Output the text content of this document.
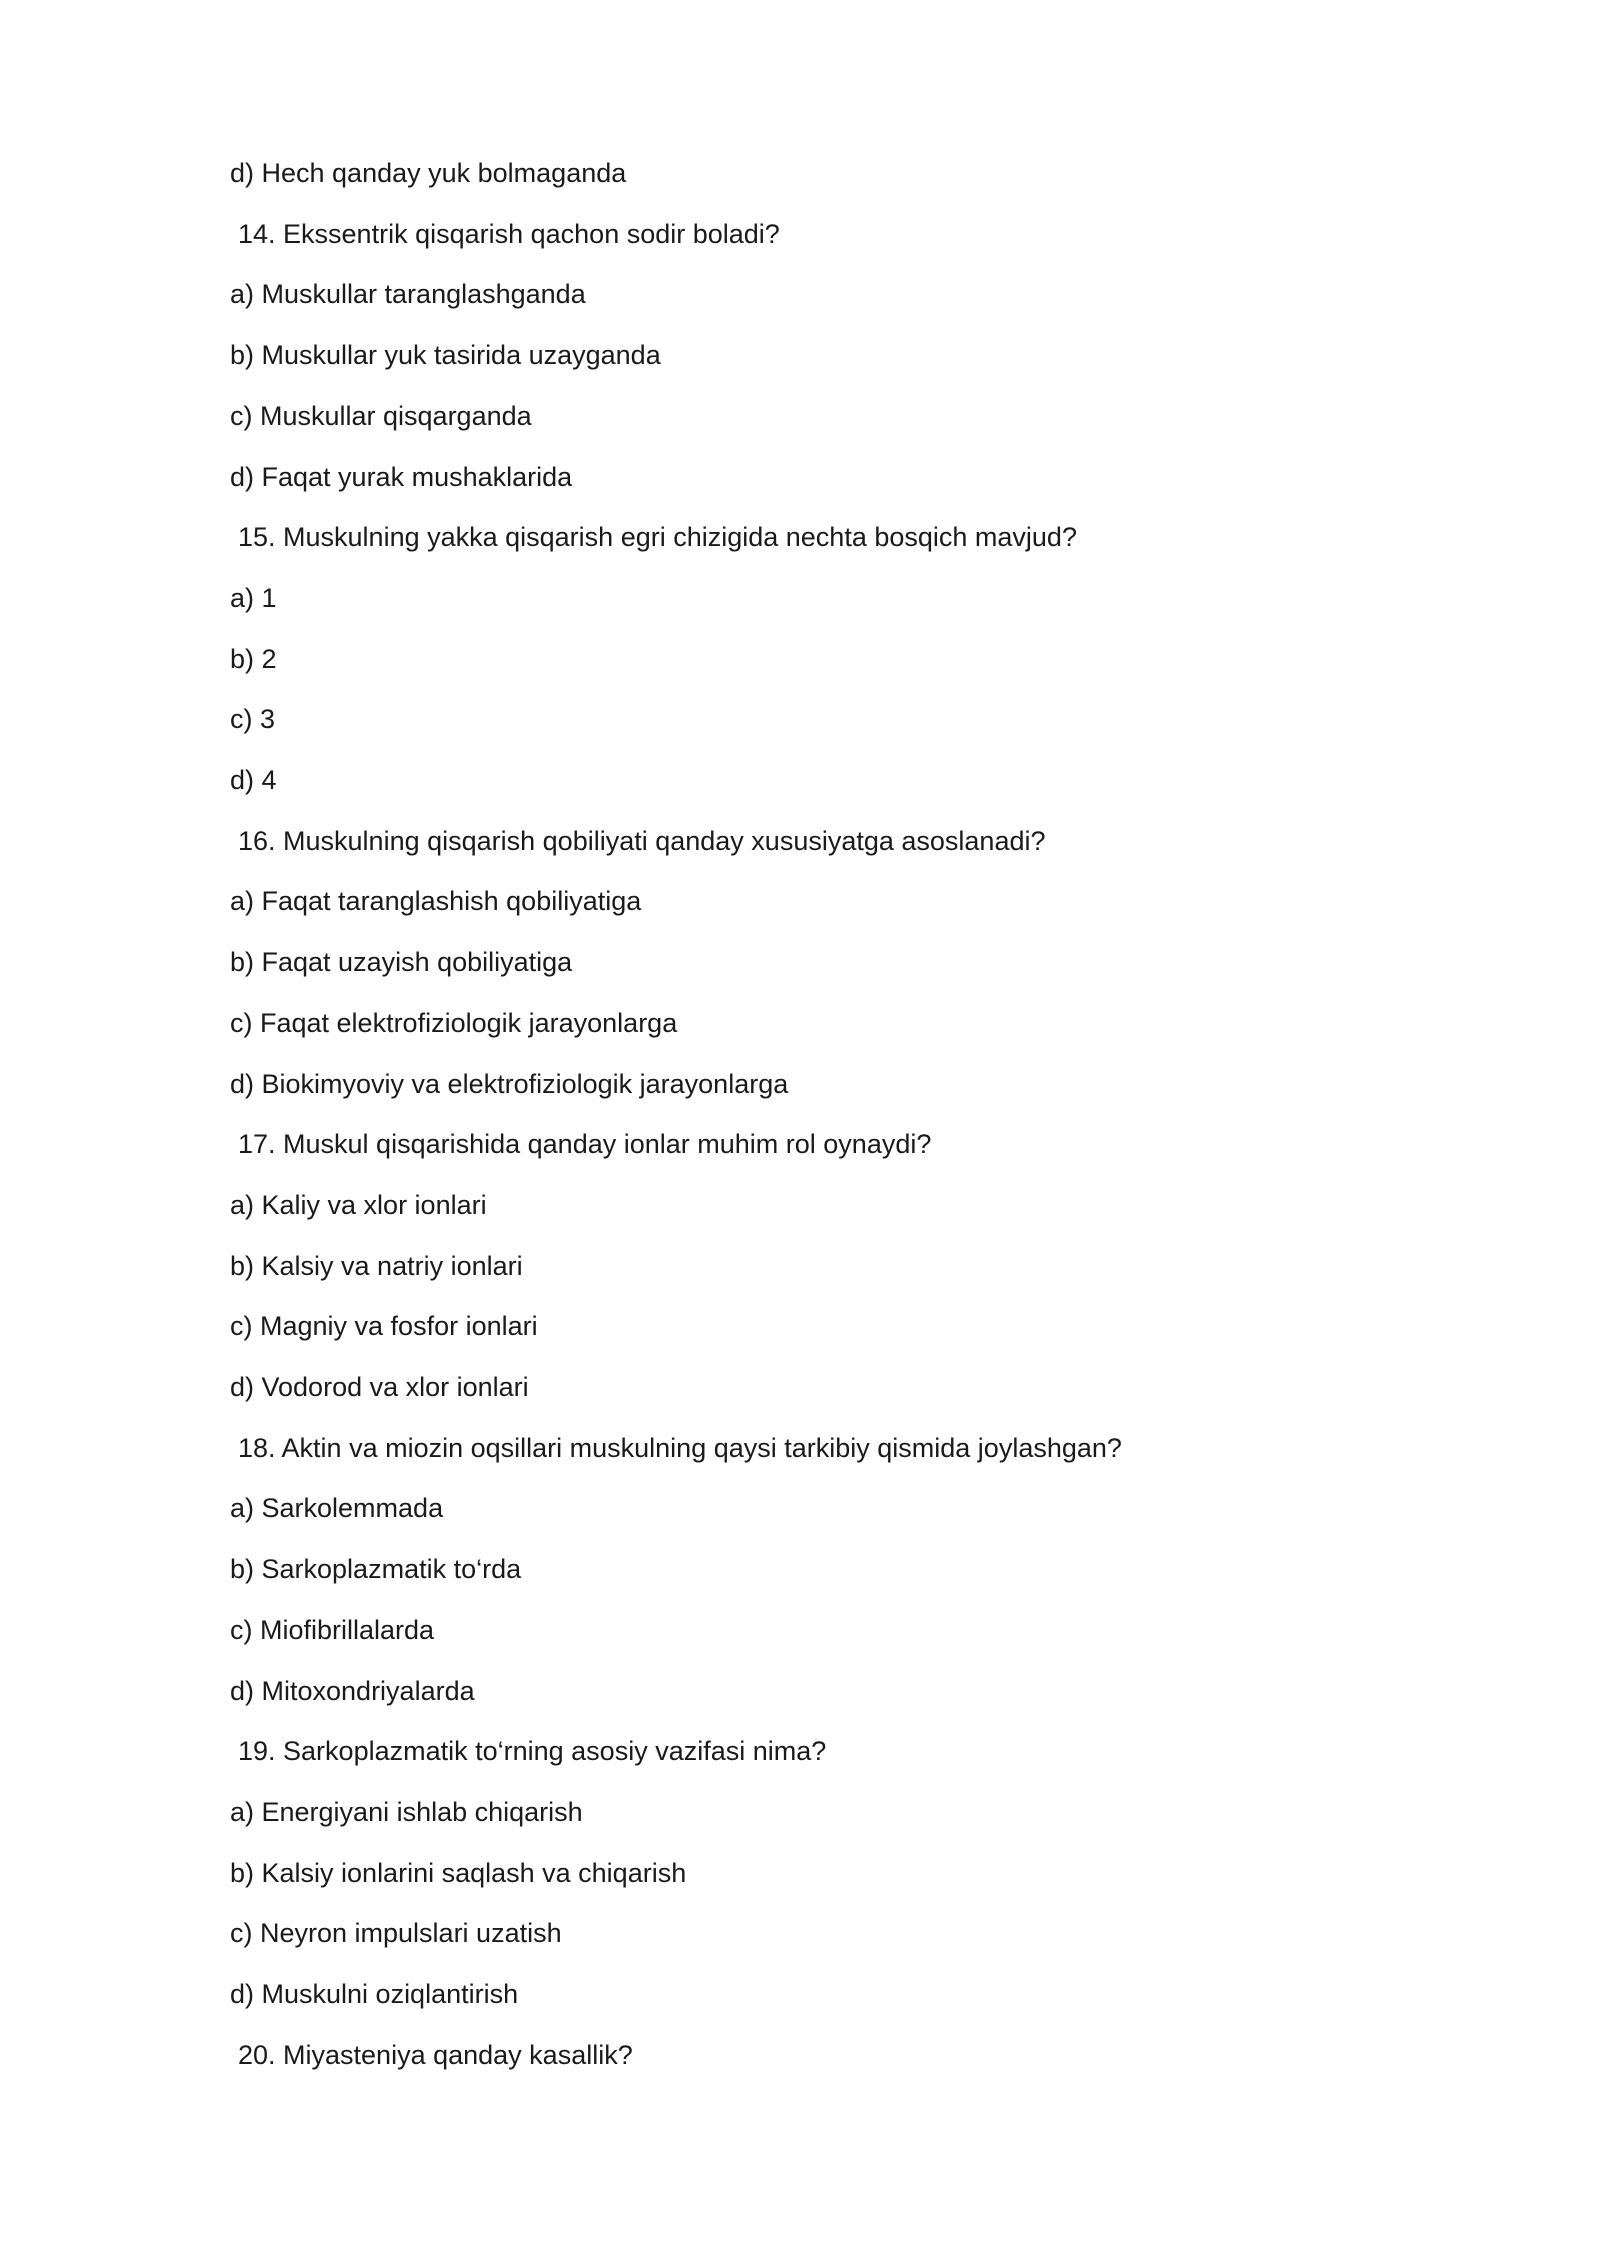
d) Hech qanday yuk bolmaganda

14. Ekssentrik qisqarish qachon sodir boladi?

a) Muskullar taranglashganda

b) Muskullar yuk tasirida uzayganda

c) Muskullar qisqarganda

d) Faqat yurak mushaklarida

15. Muskulning yakka qisqarish egri chizigida nechta bosqich mavjud?

a) 1

b) 2

c) 3

d) 4

16. Muskulning qisqarish qobiliyati qanday xususiyatga asoslanadi?

a) Faqat taranglashish qobiliyatiga

b) Faqat uzayish qobiliyatiga

c) Faqat elektrofiziologik jarayonlarga

d) Biokimyoviy va elektrofiziologik jarayonlarga

17. Muskul qisqarishida qanday ionlar muhim rol oynaydi?

a) Kaliy va xlor ionlari

b) Kalsiy va natriy ionlari

c) Magniy va fosfor ionlari

d) Vodorod va xlor ionlari

18. Aktin va miozin oqsillari muskulning qaysi tarkibiy qismida joylashgan?

a) Sarkolemmada

b) Sarkoplazmatik to‘rda

c) Miofibrillalarda

d) Mitoxondriyalarda

19. Sarkoplazmatik to‘rning asosiy vazifasi nima?

a) Energiyani ishlab chiqarish

b) Kalsiy ionlarini saqlash va chiqarish

c) Neyron impulslari uzatish

d) Muskulni oziqlantirish

20. Miyasteniya qanday kasallik?
